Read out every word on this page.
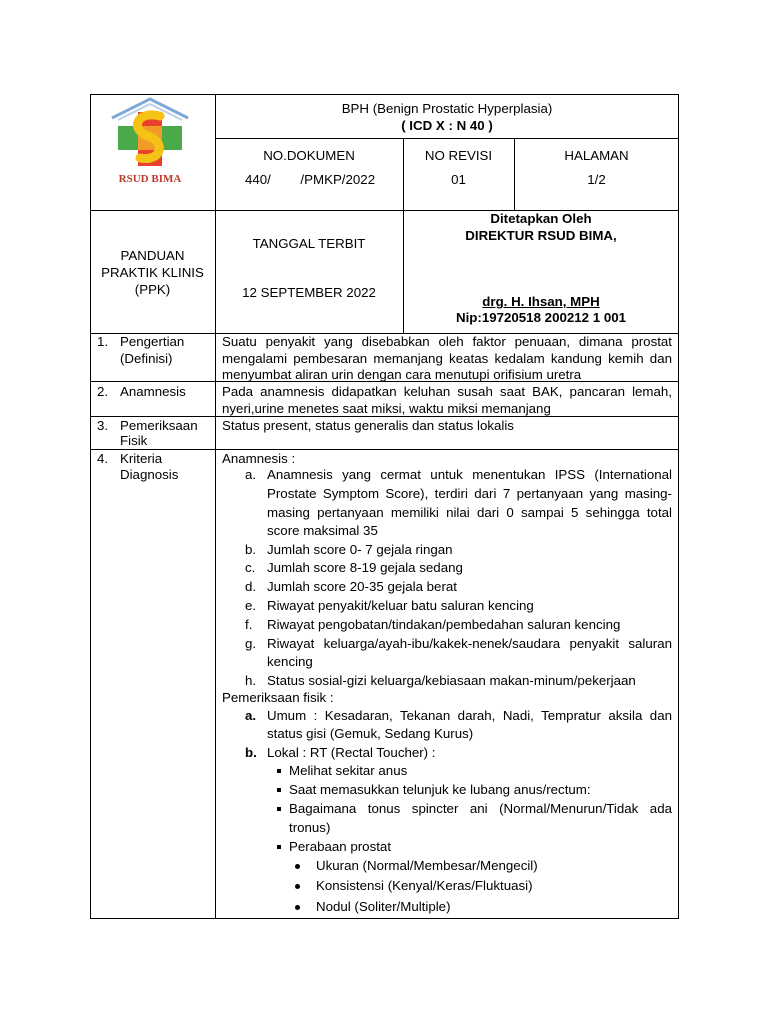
RSUD BIMA
BPH (Benign Prostatic Hyperplasia)
( ICD X : N 40 )
NO.DOKUMEN
440/        /PMKP/2022
NO REVISI
01
HALAMAN
1/2
PANDUAN
PRAKTIK KLINIS
(PPK)
TANGGAL TERBIT
12 SEPTEMBER 2022
Ditetapkan Oleh
DIREKTUR RSUD BIMA,
drg. H. Ihsan, MPH
Nip:19720518 200212 1 001
1. Pengertian
(Definisi)
Suatu penyakit yang disebabkan oleh faktor penuaan, dimana prostat
mengalami pembesaran memanjang keatas kedalam kandung kemih dan
menyumbat aliran urin dengan cara menutupi orifisium uretra
2. Anamnesis	Pada anamnesis didapatkan keluhan susah saat BAK, pancaran lemah,
nyeri,urine menetes saat miksi, waktu miksi memanjang
3. Pemeriksaan
Fisik
Status present, status generalis dan status lokalis
4. Kriteria
Diagnosis
Anamnesis :
a. Anamnesis yang cermat untuk menentukan IPSS (International
Prostate Symptom Score), terdiri dari 7 pertanyaan yang masing-
masing pertanyaan memiliki nilai dari 0 sampai 5 sehingga total
score maksimal 35
b. Jumlah score 0- 7 gejala ringan
c. Jumlah score 8-19 gejala sedang
d. Jumlah score 20-35 gejala berat
e. Riwayat penyakit/keluar batu saluran kencing
f. Riwayat pengobatan/tindakan/pembedahan saluran kencing
g. Riwayat keluarga/ayah-ibu/kakek-nenek/saudara penyakit saluran
kencing
h. Status sosial-gizi keluarga/kebiasaan makan-minum/pekerjaan
Pemeriksaan fisik :
a. Umum : Kesadaran, Tekanan darah, Nadi, Tempratur aksila dan
status gisi (Gemuk, Sedang Kurus)
b. Lokal : RT (Rectal Toucher) :
Melihat sekitar anus
Saat memasukkan telunjuk ke lubang anus/rectum:
Bagaimana tonus spincter ani (Normal/Menurun/Tidak ada
tronus)
Perabaan prostat
Ukuran (Normal/Membesar/Mengecil)
Konsistensi (Kenyal/Keras/Fluktuasi)
Nodul (Soliter/Multiple)
